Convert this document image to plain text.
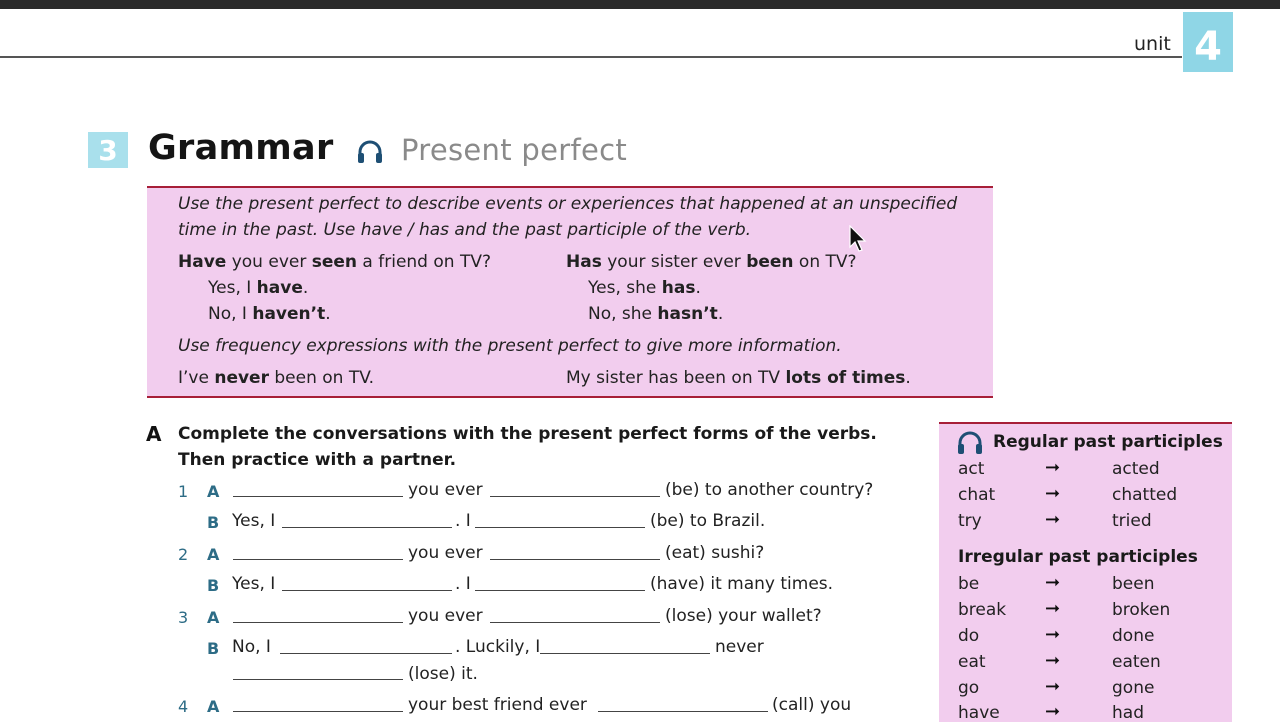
unit 4
3 Grammar Present perfect
Use the present perfect to describe events or experiences that happened at an unspecified
time in the past. Use have / has and the past participle of the verb.
Have you ever seen a friend on TV?
Yes, I have.
No, I haven’t.
Has your sister ever been on TV?
Yes, she has.
No, she hasn’t.
Use frequency expressions with the present perfect to give more information.
I’ve never been on TV.	My sister has been on TV lots of times.
A Complete the conversations with the present perfect forms of the verbs.
Then practice with a partner.
1 A	you ever	(be) to another country?
B Yes, I	. I	(be) to Brazil.
2 A	you ever	(eat) sushi?
B Yes, I	. I	(have) it many times.
3 A	you ever	(lose) your wallet?
B No, I	. Luckily, I	never
(lose) it.
4 A	your best friend ever	(call) you
Regular past participles
act	➞	acted
chat	➞	chatted
try	➞	tried
Irregular past participles
be	➞	been
break ➞	broken
do	➞	done
eat	➞	eaten
go	➞	gone
have	➞	had
